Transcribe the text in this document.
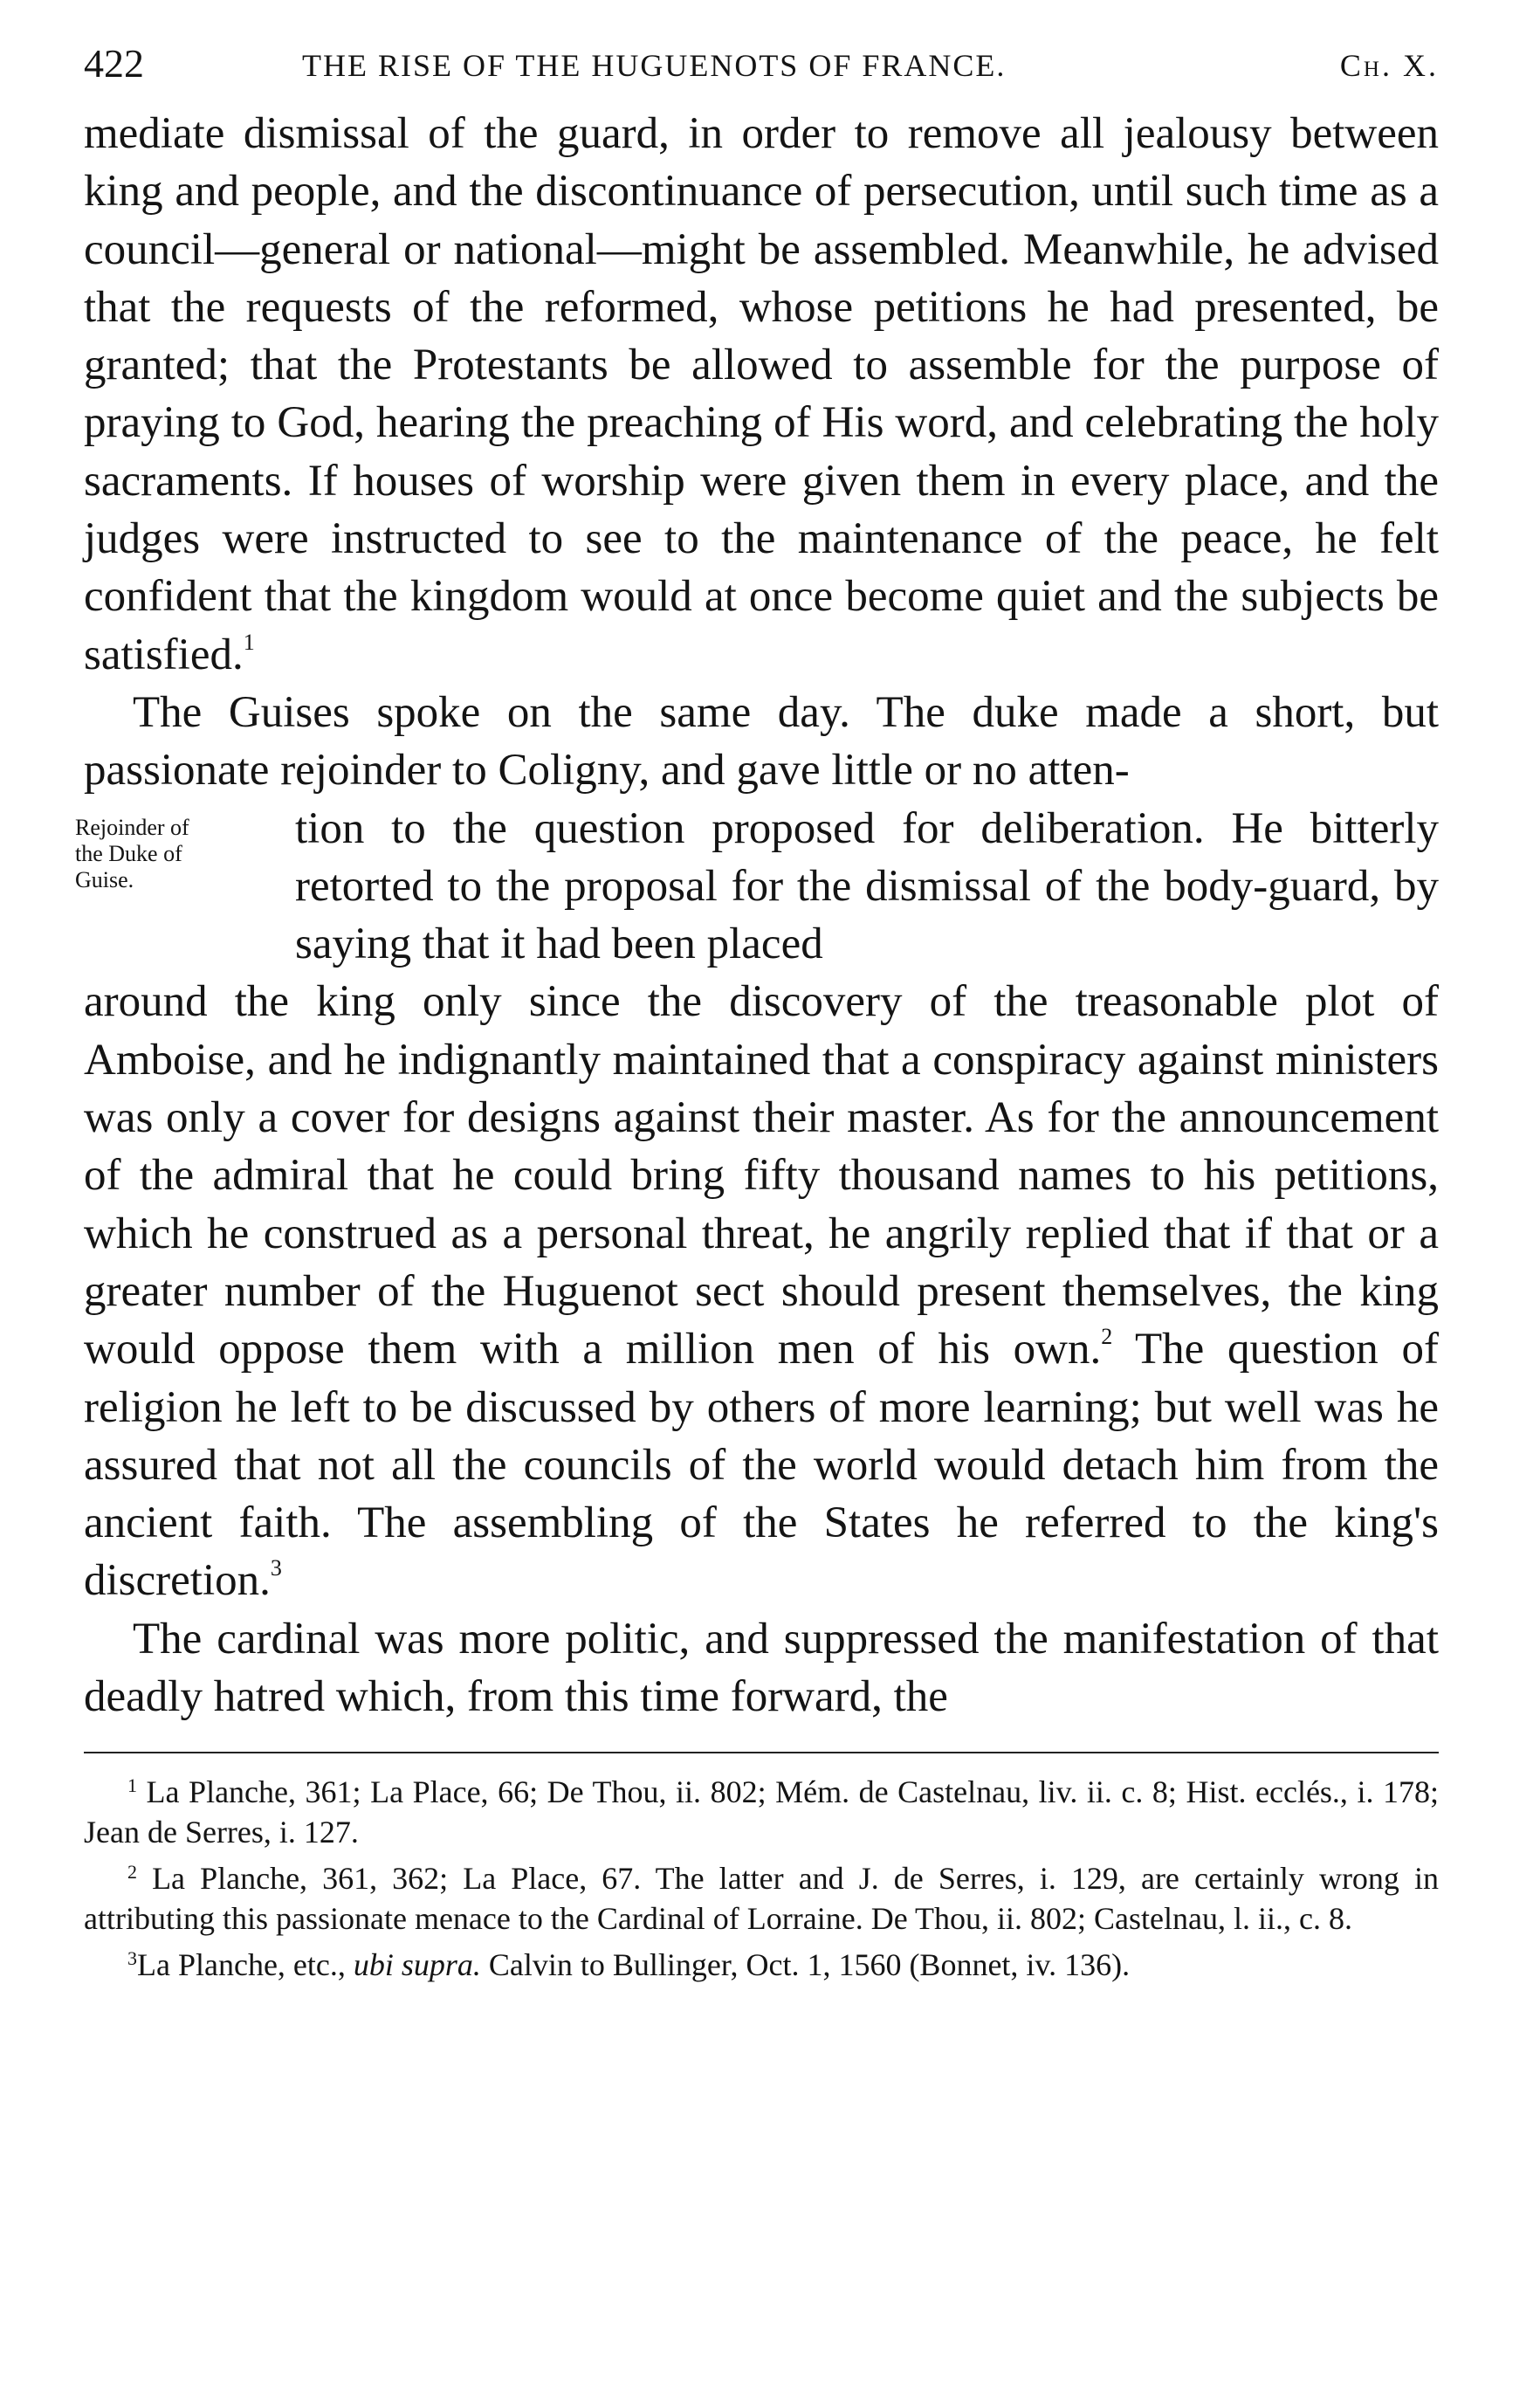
422	THE RISE OF THE HUGUENOTS OF FRANCE.	Ch. X.

mediate dismissal of the guard, in order to remove all jealousy between king and people, and the discontinuance of persecution, until such time as a council—general or national—might be assembled. Meanwhile, he advised that the requests of the reformed, whose petitions he had presented, be granted; that the Protestants be allowed to assemble for the purpose of praying to God, hearing the preaching of His word, and celebrating the holy sacraments. If houses of worship were given them in every place, and the judges were instructed to see to the maintenance of the peace, he felt confident that the kingdom would at once become quiet and the subjects be satisfied.$^1$

Rejoinder of
the Duke of
Guise.

The Guises spoke on the same day. The duke made a short, but passionate rejoinder to Coligny, and gave little or no atten-

tion to the question proposed for deliberation. He bitterly retorted to the proposal for the dismissal of the body-guard, by saying that it had been placed

around the king only since the discovery of the treasonable plot of Amboise, and he indignantly maintained that a conspiracy against ministers was only a cover for designs against their master. As for the announcement of the admiral that he could bring fifty thousand names to his petitions, which he construed as a personal threat, he angrily replied that if that or a greater number of the Huguenot sect should present themselves, the king would oppose them with a million men of his own.$^2$ The question of religion he left to be discussed by others of more learning; but well was he assured that not all the councils of the world would detach him from the ancient faith. The assembling of the States he referred to the king's discretion.$^3$

The cardinal was more politic, and suppressed the manifestation of that deadly hatred which, from this time forward, the

$^1$ La Planche, 361; La Place, 66; De Thou, ii. 802; Mém. de Castelnau, liv. ii. c. 8; Hist. ecclés., i. 178; Jean de Serres, i. 127.

$^2$ La Planche, 361, 362; La Place, 67. The latter and J. de Serres, i. 129, are certainly wrong in attributing this passionate menace to the Cardinal of Lorraine. De Thou, ii. 802; Castelnau, l. ii., c. 8.

$^3$La Planche, etc., ubi supra. Calvin to Bullinger, Oct. 1, 1560 (Bonnet, iv. 136).
